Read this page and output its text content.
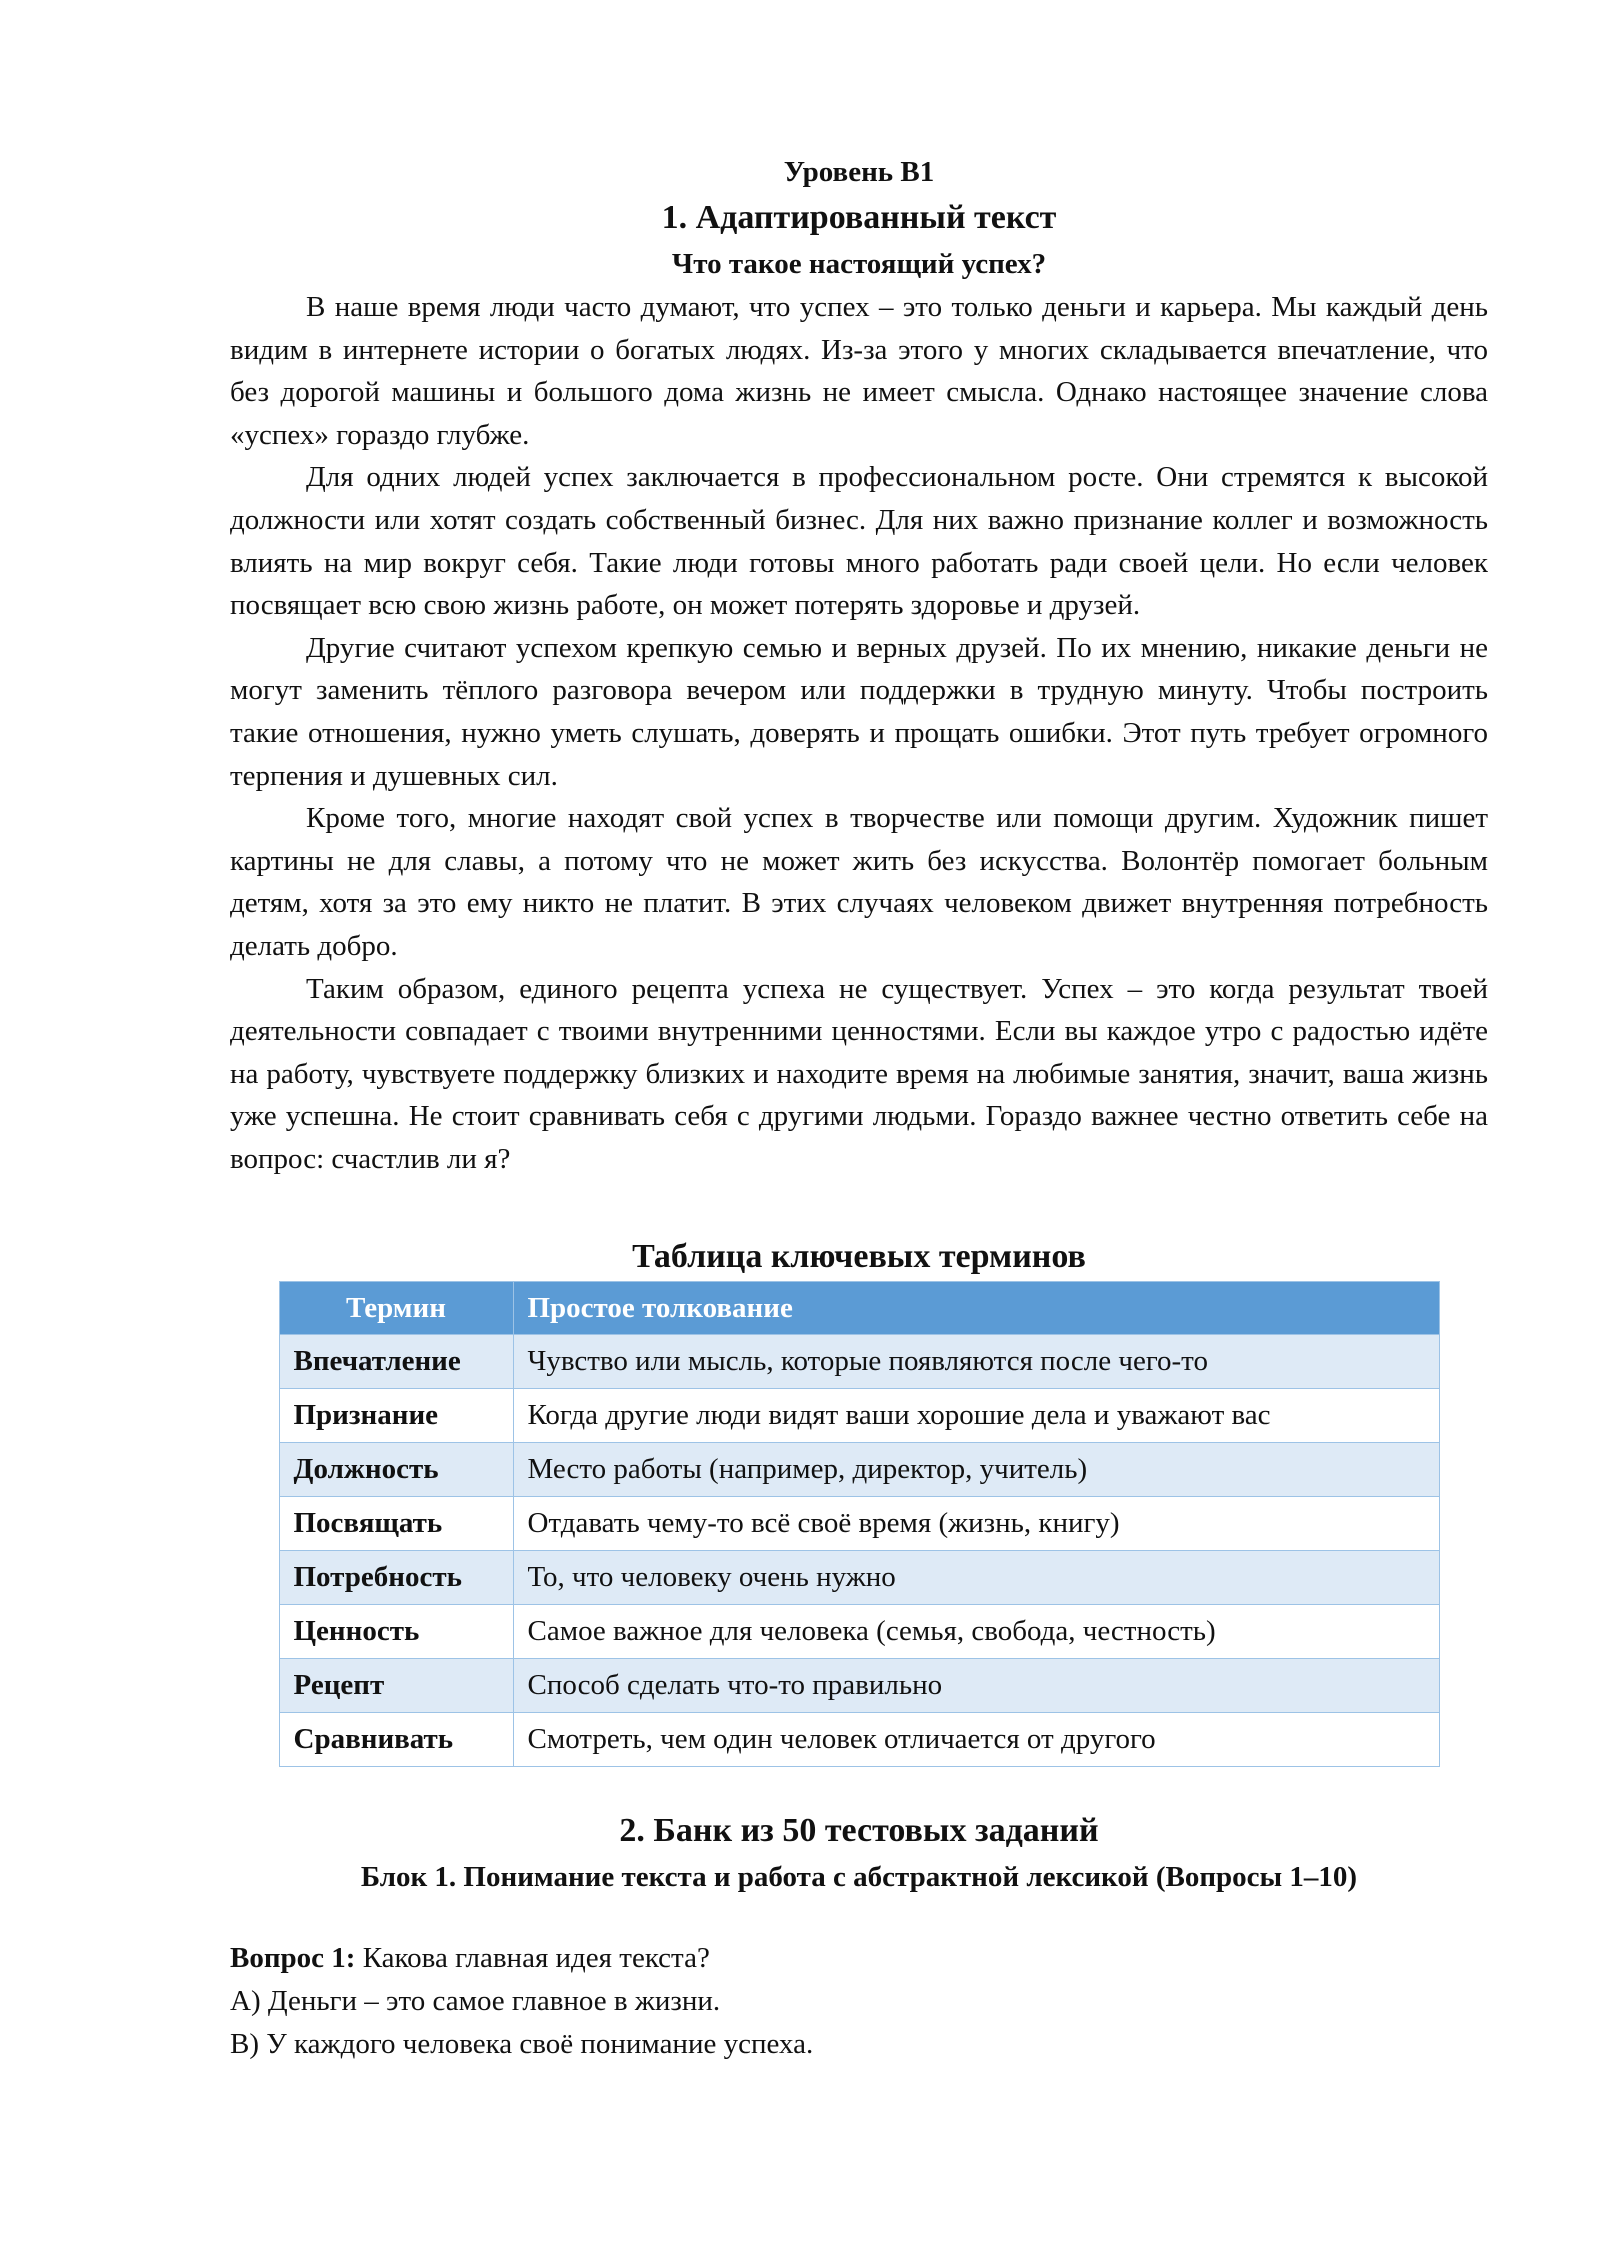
Уровень B1
1. Адаптированный текст
Что такое настоящий успех?

В наше время люди часто думают, что успех – это только деньги и карьера. Мы каждый день видим в интернете истории о богатых людях. Из-за этого у многих складывается впечатление, что без дорогой машины и большого дома жизнь не имеет смысла. Однако настоящее значение слова «успех» гораздо глубже.

Для одних людей успех заключается в профессиональном росте. Они стремятся к высокой должности или хотят создать собственный бизнес. Для них важно признание коллег и возможность влиять на мир вокруг себя. Такие люди готовы много работать ради своей цели. Но если человек посвящает всю свою жизнь работе, он может потерять здоровье и друзей.

Другие считают успехом крепкую семью и верных друзей. По их мнению, никакие деньги не могут заменить тёплого разговора вечером или поддержки в трудную минуту. Чтобы построить такие отношения, нужно уметь слушать, доверять и прощать ошибки. Этот путь требует огромного терпения и душевных сил.

Кроме того, многие находят свой успех в творчестве или помощи другим. Художник пишет картины не для славы, а потому что не может жить без искусства. Волонтёр помогает больным детям, хотя за это ему никто не платит. В этих случаях человеком движет внутренняя потребность делать добро.

Таким образом, единого рецепта успеха не существует. Успех – это когда результат твоей деятельности совпадает с твоими внутренними ценностями. Если вы каждое утро с радостью идёте на работу, чувствуете поддержку близких и находите время на любимые занятия, значит, ваша жизнь уже успешна. Не стоит сравнивать себя с другими людьми. Гораздо важнее честно ответить себе на вопрос: счастлив ли я?

Таблица ключевых терминов
Термин	Простое толкование
Впечатление	Чувство или мысль, которые появляются после чего-то
Признание	Когда другие люди видят ваши хорошие дела и уважают вас
Должность	Место работы (например, директор, учитель)
Посвящать	Отдавать чему-то всё своё время (жизнь, книгу)
Потребность	То, что человеку очень нужно
Ценность	Самое важное для человека (семья, свобода, честность)
Рецепт	Способ сделать что-то правильно
Сравнивать	Смотреть, чем один человек отличается от другого
2. Банк из 50 тестовых заданий
Блок 1. Понимание текста и работа с абстрактной лексикой (Вопросы 1–10)
Вопрос 1: Какова главная идея текста?
A) Деньги – это самое главное в жизни.
B) У каждого человека своё понимание успеха.
